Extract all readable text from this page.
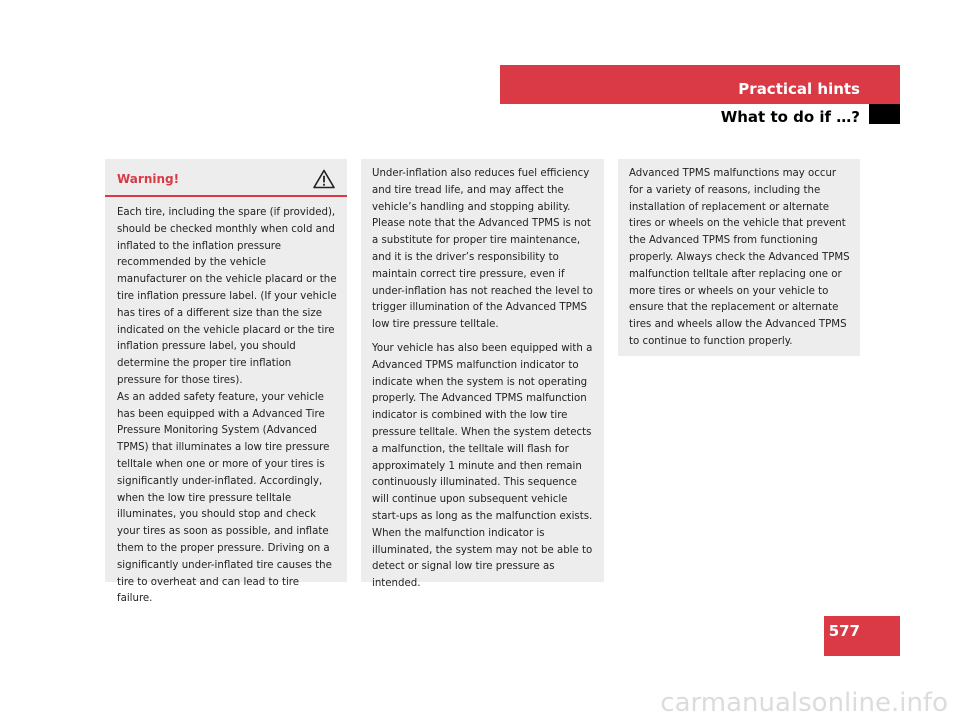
Practical hints
What to do if …?
Warning!

Each tire, including the spare (if provided), should be checked monthly when cold and inflated to the inflation pressure recommended by the vehicle manufacturer on the vehicle placard or the tire inflation pressure label. (If your vehicle has tires of a different size than the size indicated on the vehicle placard or the tire inflation pressure label, you should determine the proper tire inflation pressure for those tires).

As an added safety feature, your vehicle has been equipped with a Advanced Tire Pressure Monitoring System (Advanced TPMS) that illuminates a low tire pressure telltale when one or more of your tires is significantly under-inflated. Accordingly, when the low tire pressure telltale illuminates, you should stop and check your tires as soon as possible, and inflate them to the proper pressure. Driving on a significantly under-inflated tire causes the tire to overheat and can lead to tire failure.

Under-inflation also reduces fuel efficiency and tire tread life, and may affect the vehicle’s handling and stopping ability. Please note that the Advanced TPMS is not a substitute for proper tire maintenance, and it is the driver’s responsibility to maintain correct tire pressure, even if under-inflation has not reached the level to trigger illumination of the Advanced TPMS low tire pressure telltale.

Your vehicle has also been equipped with a Advanced TPMS malfunction indicator to indicate when the system is not operating properly. The Advanced TPMS malfunction indicator is combined with the low tire pressure telltale. When the system detects a malfunction, the telltale will flash for approximately 1 minute and then remain continuously illuminated. This sequence will continue upon subsequent vehicle start-ups as long as the malfunction exists. When the malfunction indicator is illuminated, the system may not be able to detect or signal low tire pressure as intended.

Advanced TPMS malfunctions may occur for a variety of reasons, including the installation of replacement or alternate tires or wheels on the vehicle that prevent the Advanced TPMS from functioning properly. Always check the Advanced TPMS malfunction telltale after replacing one or more tires or wheels on your vehicle to ensure that the replacement or alternate tires and wheels allow the Advanced TPMS to continue to function properly.

577
carmanualsonline.info
